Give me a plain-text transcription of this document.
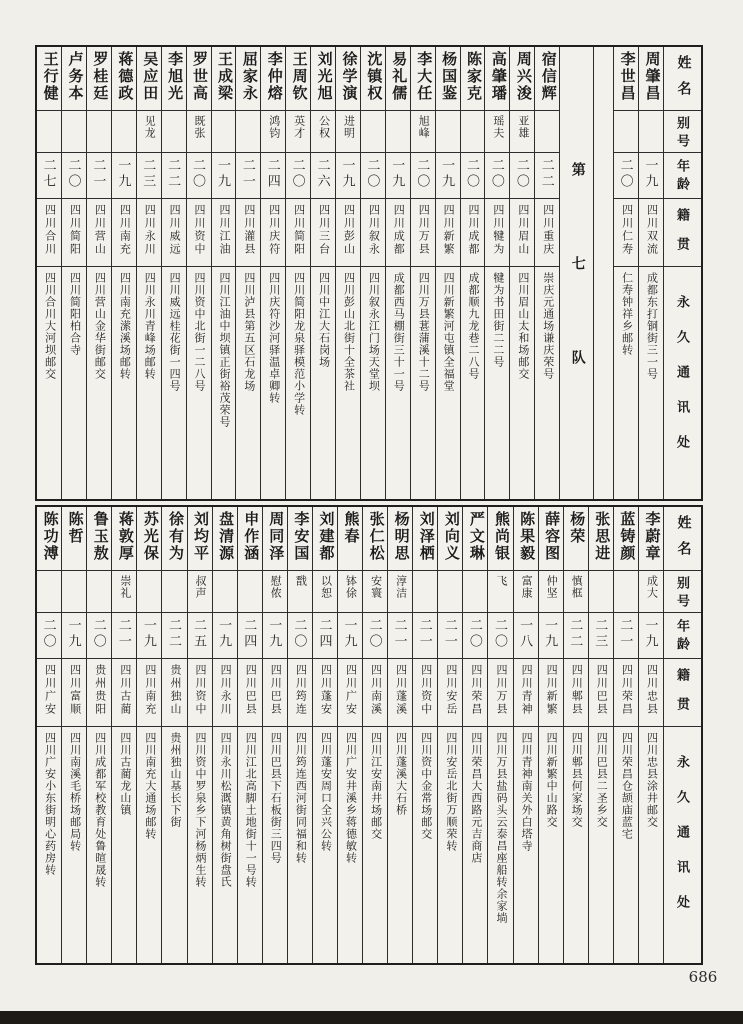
姓名
别号
年龄
籍贯
永久通讯处
周肇昌
一九
四川双流
成都东打铜街三一号
李世昌
二〇
四川仁寿
仁寿钟祥乡邮转
第七队
宿信辉
二二
四川重庆
崇庆元通场谦庆荣号
周兴浚
亚雄
二〇
四川眉山
四川眉山太和场邮交
高肇璠
瑶夫
二〇
四川犍为
犍为书田街二二号
陈家克
二〇
四川成都
成都顺九龙巷二八号
杨国鉴
一九
四川新繁
四川新繁河屯镇全福堂
李大任
旭峰
二〇
四川万县
四川万县葚蒲溪十二号
易礼儒
一九
四川成都
成都西马棚街三十一号
沈镇权
二〇
四川叙永
四川叙永江门场天堂坝
徐学演
进明
一九
四川彭山
四川彭山北街十全茶社
刘光旭
公权
二六
四川三台
四川中江大石岗场
王周钦
英才
二〇
四川简阳
四川简阳龙泉驿模范小学转
李仲熔
鸿钧
二四
四川庆符
四川庆符沙河驿温卓卿转
屈家永
二一
四川灌县
四川泸县第五区石龙场
王成梁
一九
四川江油
四川江油中坝镇正街裕茂荣号
罗世高
既张
二〇
四川资中
四川资中北街一二八号
李旭光
二二
四川威远
四川威远桂花街一四号
吴应田
见龙
二三
四川永川
四川永川青峰场邮转
蒋德政
一九
四川南充
四川南充潆溪场邮转
罗桂廷
二一
四川营山
四川营山金华街邮交
卢务本
二〇
四川简阳
四川简阳柏合寺
王行健
二七
四川合川
四川合川大河坝邮交
姓名
别号
年龄
籍贯
永久通讯处
李蔚章
成大
一九
四川忠县
四川忠县涂井邮交
蓝铸颜
二一
四川荣昌
四川荣昌仓颉庙蓝宅
张思进
二三
四川巴县
四川巴县二圣乡交
杨荣
慎框
二二
四川郫县
四川郫县何家场交
薛容图
仲坚
一九
四川新繁
四川新繁中山路交
陈果毅
富康
一八
四川青神
四川青神南关外白塔寺
熊尚银
飞
二〇
四川万县
四川万县盐码头云泰昌座船转余家埫
严文琳
二〇
四川荣昌
四川荣昌大西路元吉商店
刘向义
二一
四川安岳
四川安岳北街万顺荣转
刘泽栖
二一
四川资中
四川资中金常场邮交
杨明思
淳洁
二一
四川蓬溪
四川蓬溪大石桥
张仁松
安寰
二〇
四川南溪
四川江安南井场邮交
熊春
钵俆
一九
四川广安
四川广安井溪乡蒋德敏转
刘建都
以恕
二四
四川蓬安
四川蓬安周口全兴公转
李安国
戬
二〇
四川筠连
四川筠连西河街同福和转
周同泽
慰侬
一九
四川巴县
四川巴县下石板街三四号
申作涵
二四
四川巴县
四川江北高脚土地街十一号转
盘清源
一九
四川永川
四川永川松溉镇黄角树街盘氏
刘均平
叔声
二五
四川资中
四川资中罗泉乡下河杨炳生转
徐有为
二二
贵州独山
贵州独山基长下街
苏光保
一九
四川南充
四川南充大通场邮转
蒋敦厚
崇礼
二一
四川古蔺
四川古蔺龙山镇
鲁玉敖
二〇
贵州贵阳
四川成都军校教育处鲁暄晟转
陈哲
一九
四川富顺
四川南溪毛桥场邮局转
陈功溥
二〇
四川广安
四川广安小东街明心药房转
686
